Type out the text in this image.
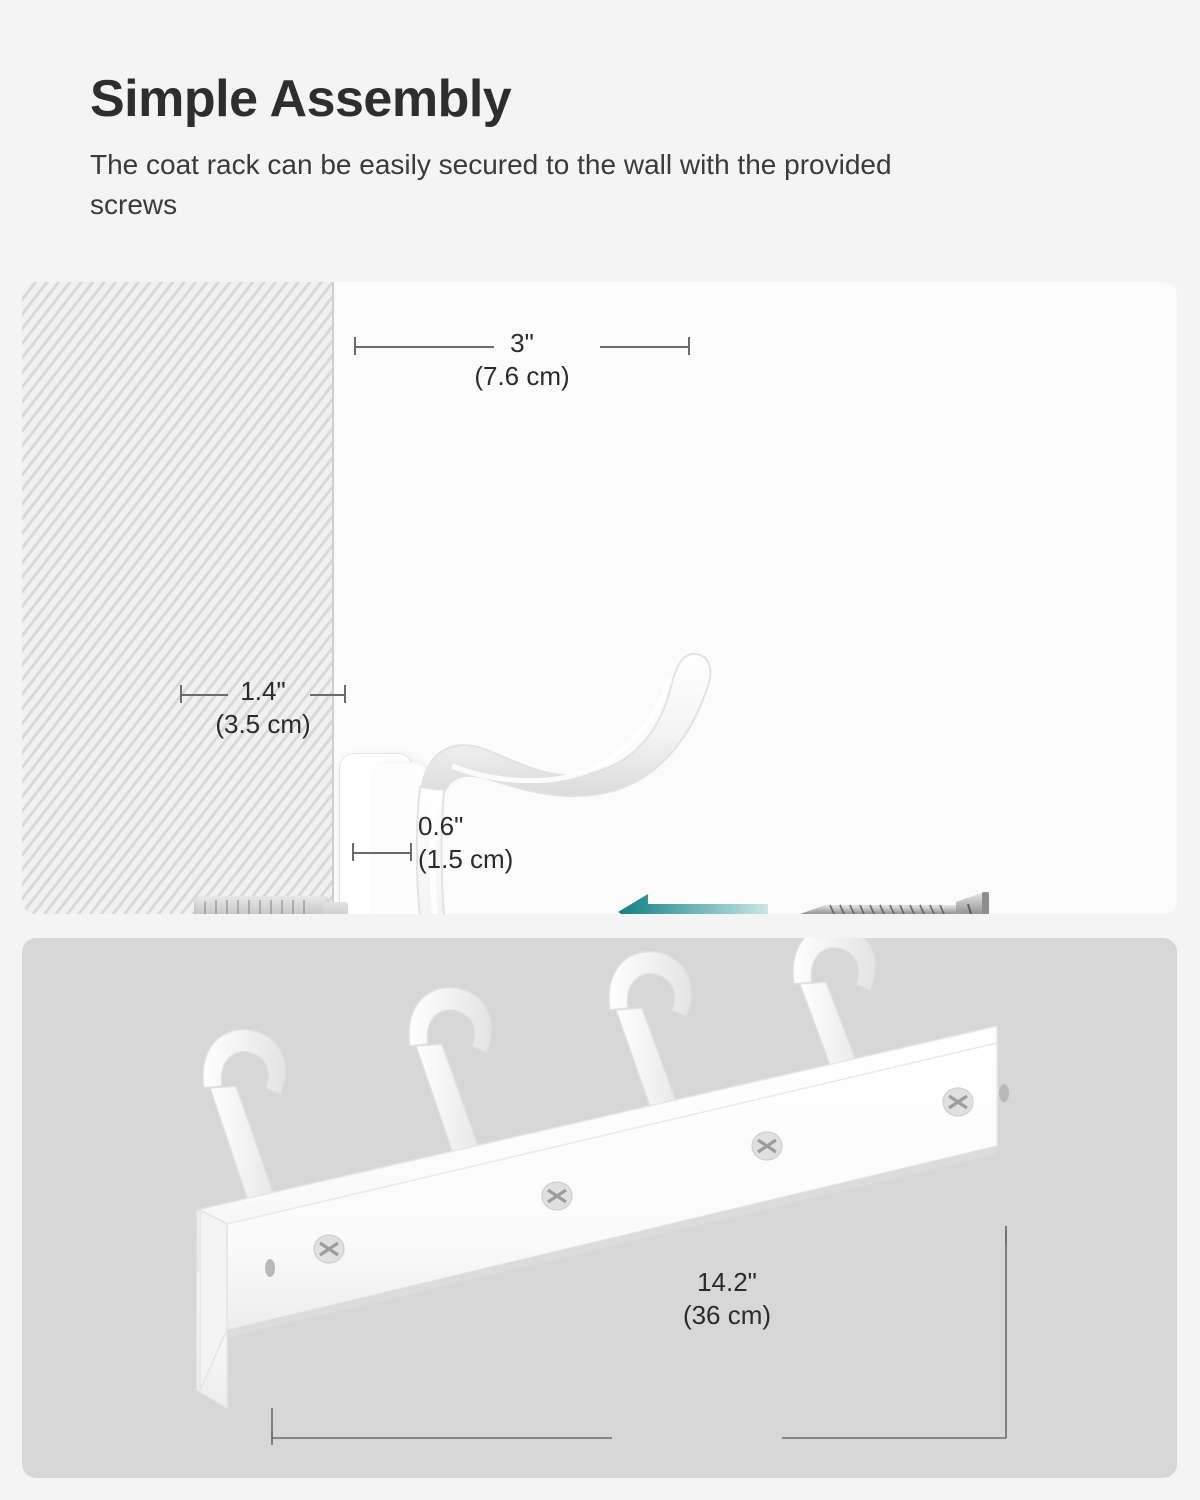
Simple Assembly

The coat rack can be easily secured to the wall with the provided screws

3"
(7.6 cm)
1.4"
(3.5 cm)
0.6"
(1.5 cm)
14.2"
(36 cm)
